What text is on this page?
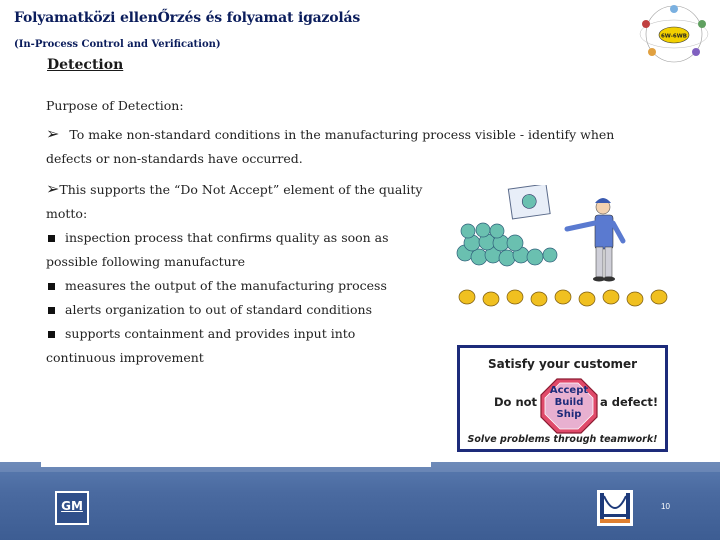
Folyamatközi ellenŐrzés és folyamat igazolás
(In-Process Control and Verification)
6W-6WB
Detection

Purpose of Detection:

➢ To make non-standard conditions in the manufacturing process visible - identify when defects or non-standards have occurred.

➢This supports the “Do Not Accept” element of the quality motto:

inspection process that confirms quality as soon as possible following manufacture

measures the output of the manufacturing process

alerts organization to out of standard conditions

supports containment and provides input into continuous improvement	Satisfy your customer
Do not
Accept
Build
Ship
a defect!
Solve problems through teamwork!
GM	10
